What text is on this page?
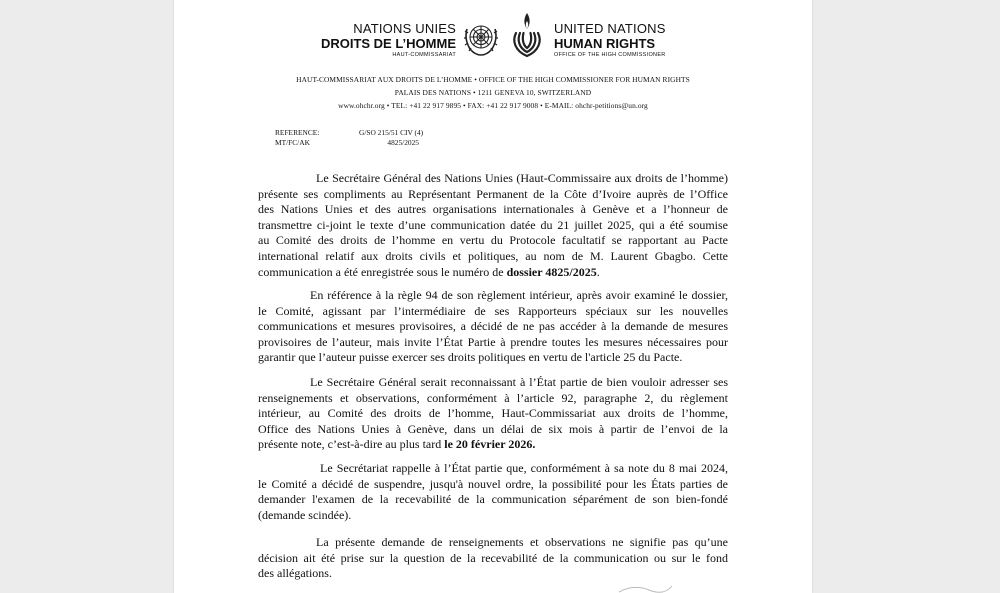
NATIONS UNIES
DROITS DE L’HOMME
HAUT-COMMISSARIAT
UNITED NATIONS
HUMAN RIGHTS
OFFICE OF THE HIGH COMMISSIONER
HAUT-COMMISSARIAT AUX DROITS DE L’HOMME • OFFICE OF THE HIGH COMMISSIONER FOR HUMAN RIGHTS
PALAIS DES NATIONS • 1211 GENEVA 10, SWITZERLAND
www.ohchr.org • TEL: +41 22 917 9895 • FAX: +41 22 917 9008 • E-MAIL: ohchr-petitions@un.org
REFERENCE:	G/SO 215/51 CIV (4)
MT/FC/AK	4825/2025
Le Secrétaire Général des Nations Unies (Haut-Commissaire aux droits de l’homme)
présente ses compliments au Représentant Permanent de la Côte d’Ivoire auprès de l’Office
des Nations Unies et des autres organisations internationales à Genève et a l’honneur de
transmettre ci-joint le texte d’une communication datée du 21 juillet 2025, qui a été soumise
au Comité des droits de l’homme en vertu du Protocole facultatif se rapportant au Pacte
international relatif aux droits civils et politiques, au nom de M. Laurent Gbagbo. Cette
communication a été enregistrée sous le numéro de dossier 4825/2025.
En référence à la règle 94 de son règlement intérieur, après avoir examiné le dossier,
le Comité, agissant par l’intermédiaire de ses Rapporteurs spéciaux sur les nouvelles
communications et mesures provisoires, a décidé de ne pas accéder à la demande de mesures
provisoires de l’auteur, mais invite l’État Partie à prendre toutes les mesures nécessaires pour
garantir que l’auteur puisse exercer ses droits politiques en vertu de l'article 25 du Pacte.
Le Secrétaire Général serait reconnaissant à l’État partie de bien vouloir adresser ses
renseignements et observations, conformément à l’article 92, paragraphe 2, du règlement
intérieur, au Comité des droits de l’homme, Haut-Commissariat aux droits de l’homme,
Office des Nations Unies à Genève, dans un délai de six mois à partir de l’envoi de la
présente note, c’est-à-dire au plus tard le 20 février 2026.
Le Secrétariat rappelle à l’État partie que, conformément à sa note du 8 mai 2024,
le Comité a décidé de suspendre, jusqu'à nouvel ordre, la possibilité pour les États parties de
demander l'examen de la recevabilité de la communication séparément de son bien-fondé
(demande scindée).
La présente demande de renseignements et observations ne signifie pas qu’une
décision ait été prise sur la question de la recevabilité de la communication ou sur le fond
des allégations.
